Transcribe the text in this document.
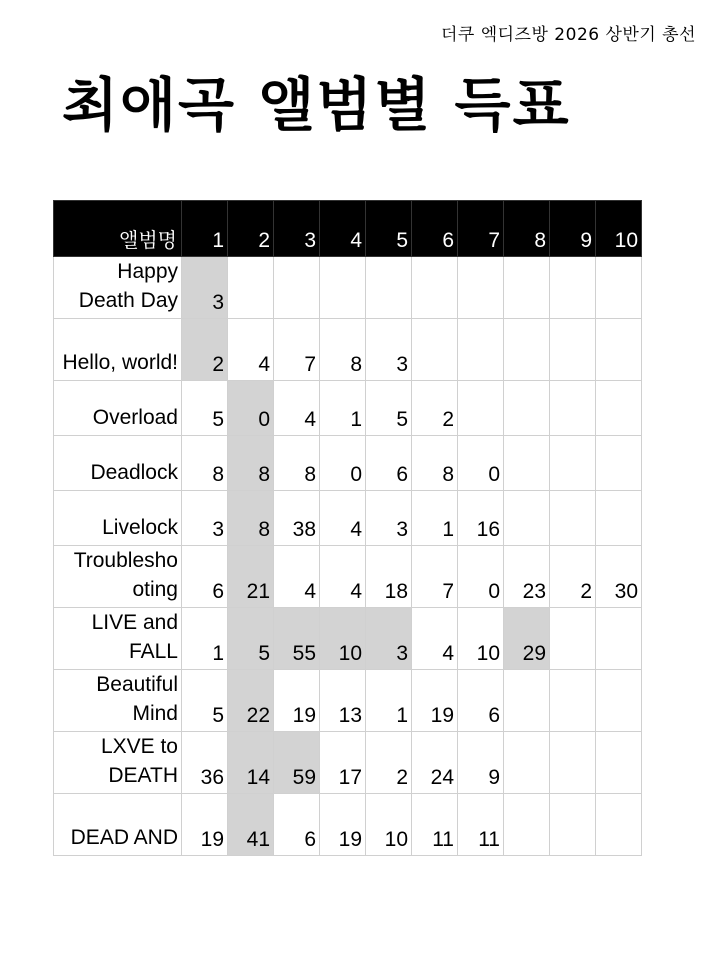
더쿠 엑디즈방 2026 상반기 총선
최애곡 앨범별 득표
앨범명	1	2	3	4	5	6	7	8	9	10
Happy Death Day	3									
Hello, world!	2	4	7	8	3					
Overload	5	0	4	1	5	2				
Deadlock	8	8	8	0	6	8	0			
Livelock	3	8	38	4	3	1	16			
Troublesho oting	6	21	4	4	18	7	0	23	2	30
LIVE and FALL	1	5	55	10	3	4	10	29		
Beautiful Mind	5	22	19	13	1	19	6			
LXVE to DEATH	36	14	59	17	2	24	9			
DEAD AND	19	41	6	19	10	11	11			
